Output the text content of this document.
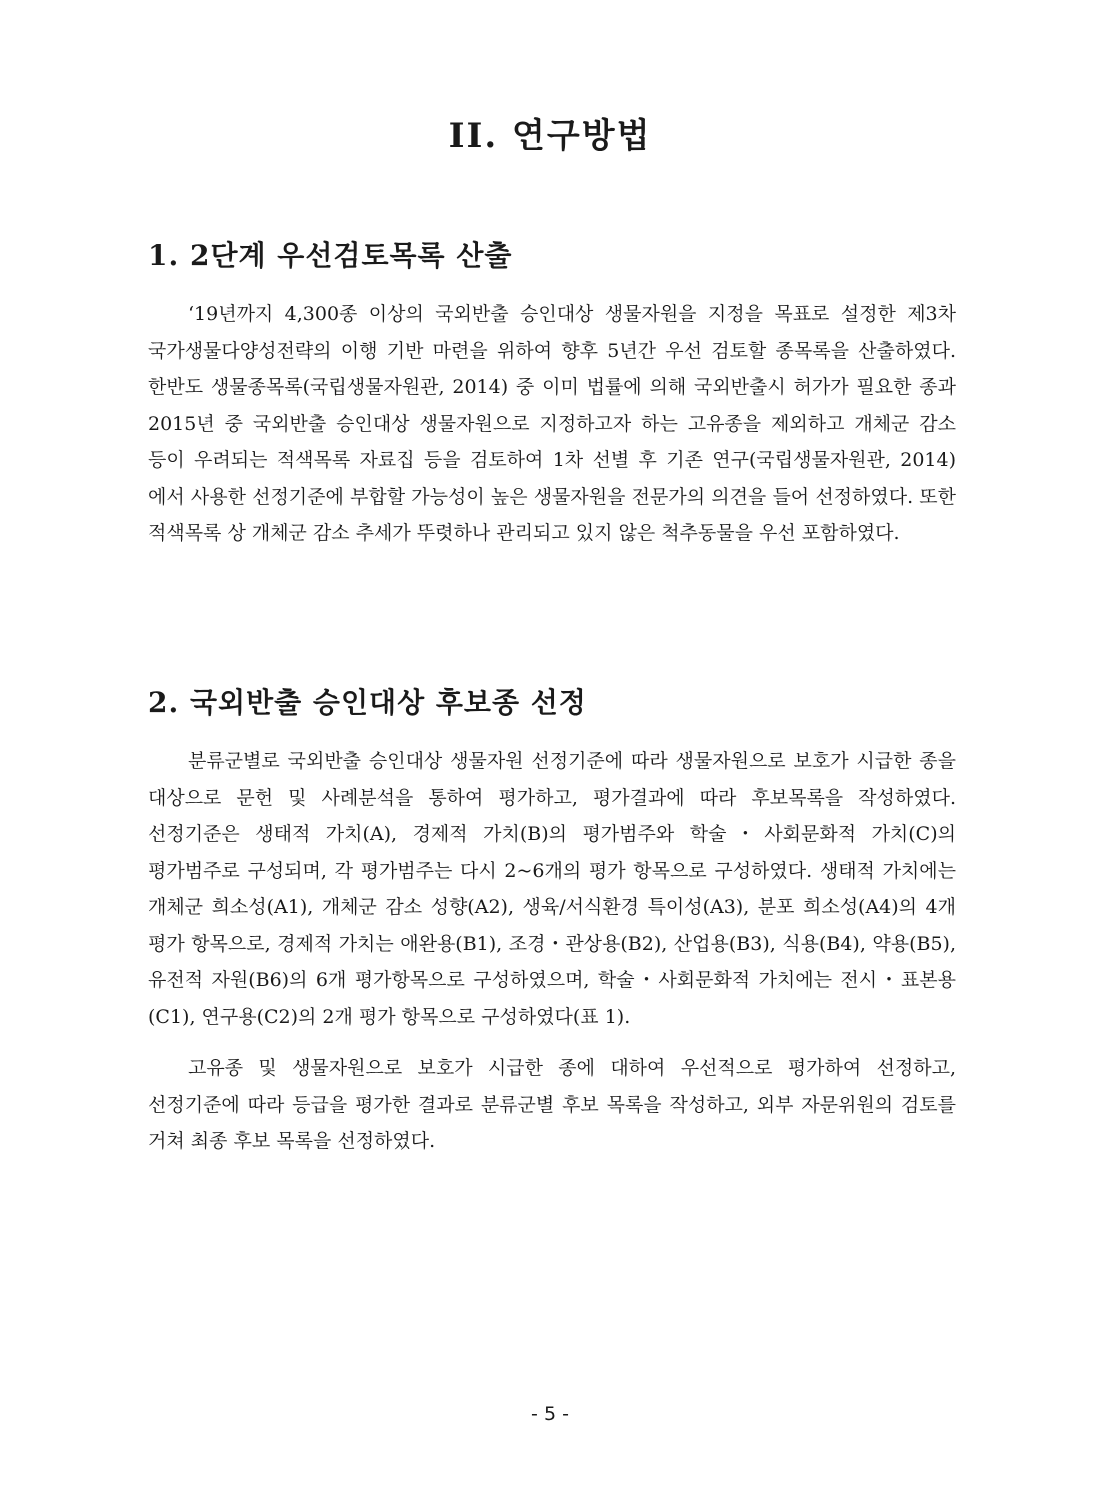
II. 연구방법
1. 2단계 우선검토목록 산출

‘19년까지 4,300종 이상의 국외반출 승인대상 생물자원을 지정을 목표로 설정한 제3차 국가생물다양성전략의 이행 기반 마련을 위하여 향후 5년간 우선 검토할 종목록을 산출하였다. 한반도 생물종목록(국립생물자원관, 2014) 중 이미 법률에 의해 국외반출시 허가가 필요한 종과 2015년 중 국외반출 승인대상 생물자원으로 지정하고자 하는 고유종을 제외하고 개체군 감소 등이 우려되는 적색목록 자료집 등을 검토하여 1차 선별 후 기존 연구(국립생물자원관, 2014)에서 사용한 선정기준에 부합할 가능성이 높은 생물자원을 전문가의 의견을 들어 선정하였다. 또한 적색목록 상 개체군 감소 추세가 뚜렷하나 관리되고 있지 않은 척추동물을 우선 포함하였다.

2. 국외반출 승인대상 후보종 선정

분류군별로 국외반출 승인대상 생물자원 선정기준에 따라 생물자원으로 보호가 시급한 종을 대상으로 문헌 및 사례분석을 통하여 평가하고, 평가결과에 따라 후보목록을 작성하였다. 선정기준은 생태적 가치(A), 경제적 가치(B)의 평가범주와 학술・사회문화적 가치(C)의 평가범주로 구성되며, 각 평가범주는 다시 2~6개의 평가 항목으로 구성하였다. 생태적 가치에는 개체군 희소성(A1), 개체군 감소 성향(A2), 생육/서식환경 특이성(A3), 분포 희소성(A4)의 4개 평가 항목으로, 경제적 가치는 애완용(B1), 조경・관상용(B2), 산업용(B3), 식용(B4), 약용(B5), 유전적 자원(B6)의 6개 평가항목으로 구성하였으며, 학술・사회문화적 가치에는 전시・표본용(C1), 연구용(C2)의 2개 평가 항목으로 구성하였다(표 1).

고유종 및 생물자원으로 보호가 시급한 종에 대하여 우선적으로 평가하여 선정하고, 선정기준에 따라 등급을 평가한 결과로 분류군별 후보 목록을 작성하고, 외부 자문위원의 검토를 거쳐 최종 후보 목록을 선정하였다.

- 5 -
